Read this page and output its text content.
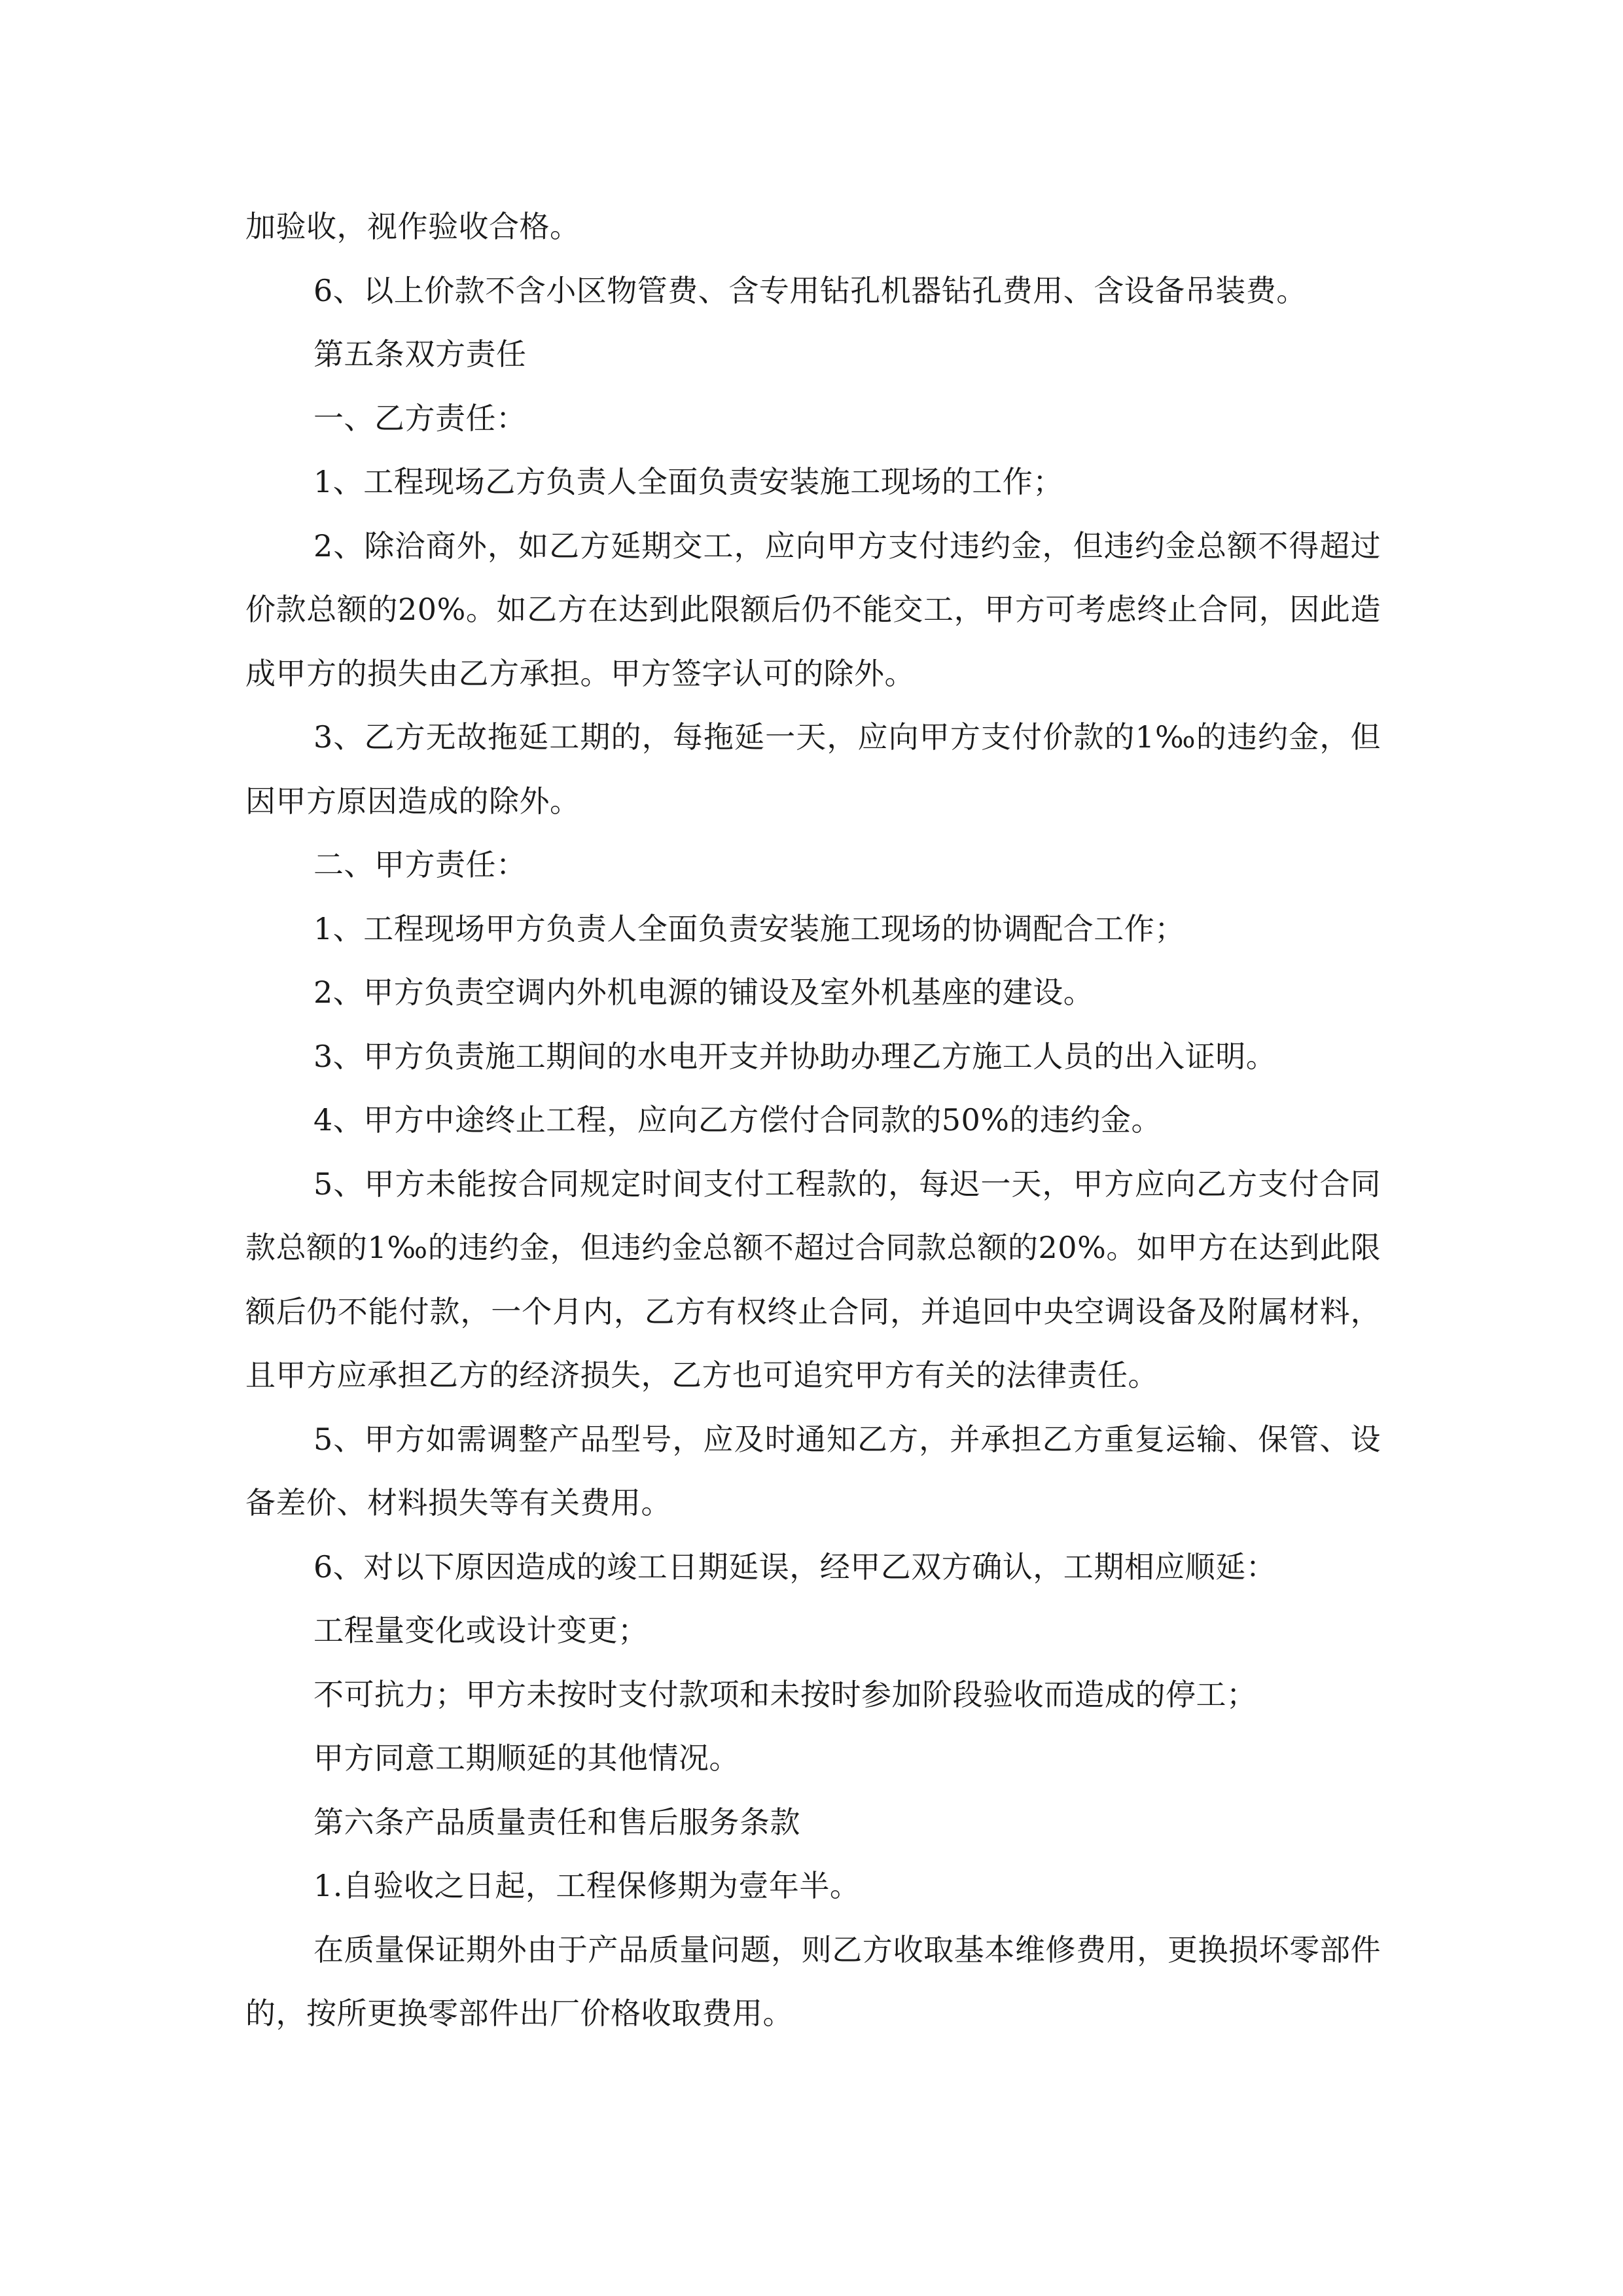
加验收，视作验收合格。

6、以上价款不含小区物管费、含专用钻孔机器钻孔费用、含设备吊装费。

第五条双方责任

一、乙方责任：

1、工程现场乙方负责人全面负责安装施工现场的工作；

2、除洽商外，如乙方延期交工，应向甲方支付违约金，但违约金总额不得超过价款总额的20%。如乙方在达到此限额后仍不能交工，甲方可考虑终止合同，因此造成甲方的损失由乙方承担。甲方签字认可的除外。

3、乙方无故拖延工期的，每拖延一天，应向甲方支付价款的1‰的违约金，但因甲方原因造成的除外。

二、甲方责任：

1、工程现场甲方负责人全面负责安装施工现场的协调配合工作；

2、甲方负责空调内外机电源的铺设及室外机基座的建设。

3、甲方负责施工期间的水电开支并协助办理乙方施工人员的出入证明。

4、甲方中途终止工程，应向乙方偿付合同款的50%的违约金。

5、甲方未能按合同规定时间支付工程款的，每迟一天，甲方应向乙方支付合同款总额的1‰的违约金，但违约金总额不超过合同款总额的20%。如甲方在达到此限额后仍不能付款，一个月内，乙方有权终止合同，并追回中央空调设备及附属材料，且甲方应承担乙方的经济损失，乙方也可追究甲方有关的法律责任。

5、甲方如需调整产品型号，应及时通知乙方，并承担乙方重复运输、保管、设备差价、材料损失等有关费用。

6、对以下原因造成的竣工日期延误，经甲乙双方确认，工期相应顺延：

工程量变化或设计变更；

不可抗力；甲方未按时支付款项和未按时参加阶段验收而造成的停工；

甲方同意工期顺延的其他情况。

第六条产品质量责任和售后服务条款

1.自验收之日起，工程保修期为壹年半。

在质量保证期外由于产品质量问题，则乙方收取基本维修费用，更换损坏零部件的，按所更换零部件出厂价格收取费用。
